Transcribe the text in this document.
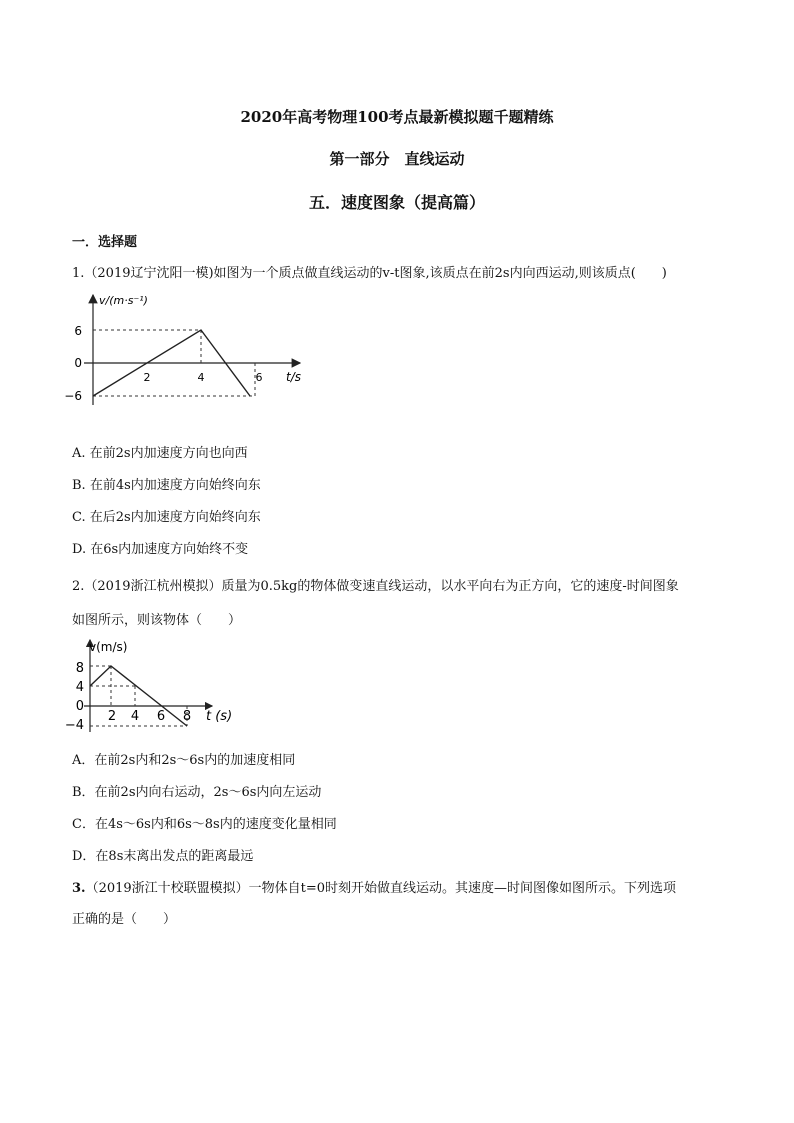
2020年高考物理100考点最新模拟题千题精练
第一部分　直线运动
五．速度图象（提高篇）
一．选择题
1.（2019辽宁沈阳一模)如图为一个质点做直线运动的v-t图象,该质点在前2s内向西运动,则该质点(　　)
v/(m·s⁻¹)
t/s
6
0
−6
2	4	6
A. 在前2s内加速度方向也向西
B. 在前4s内加速度方向始终向东
C. 在后2s内加速度方向始终向东
D. 在6s内加速度方向始终不变
2.（2019浙江杭州模拟）质量为0.5kg的物体做变速直线运动，以水平向右为正方向，它的速度-时间图象
如图所示，则该物体（　　）
v(m/s)
t (s)
8
4
0
−4
2 4 6 8
A．在前2s内和2s～6s内的加速度相同
B．在前2s内向右运动，2s～6s内向左运动
C．在4s～6s内和6s～8s内的速度变化量相同
D．在8s末离出发点的距离最远
3.（2019浙江十校联盟模拟）一物体自t=0时刻开始做直线运动。其速度—时间图像如图所示。下列选项
正确的是（　　）
